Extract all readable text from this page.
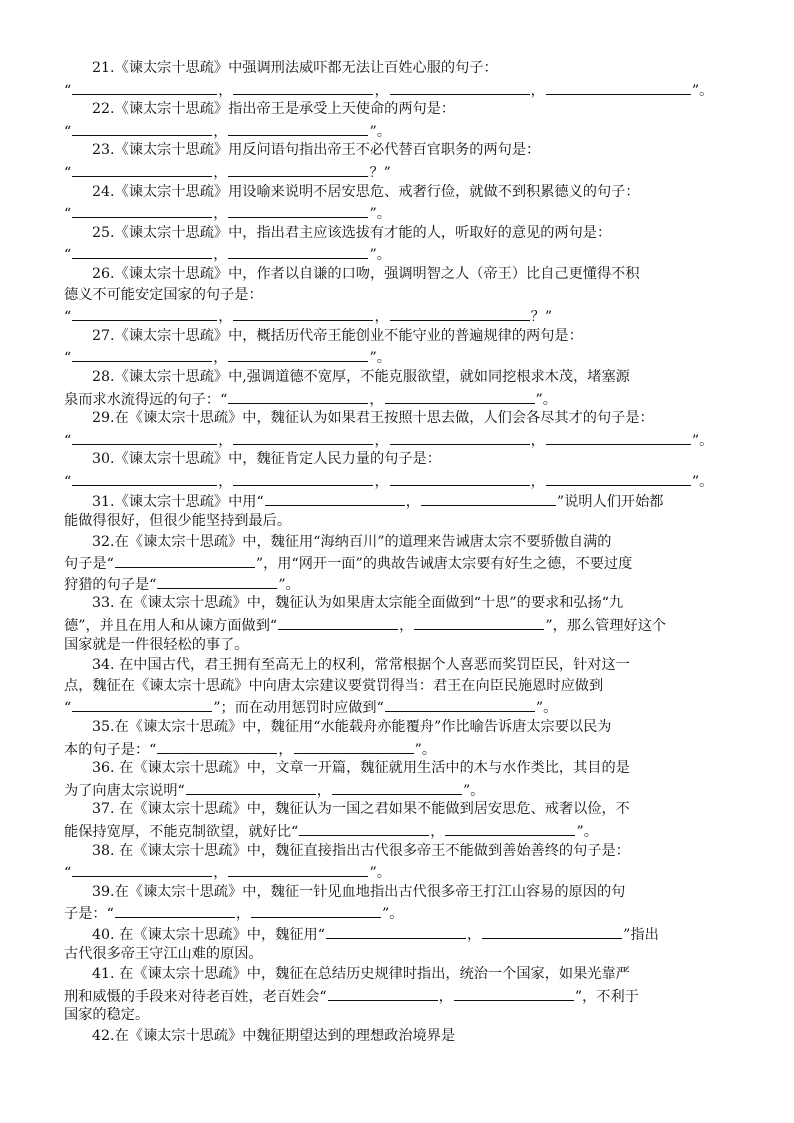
21.《谏太宗十思疏》中强调刑法威吓都无法让百姓心服的句子：
“	，	，	，	”。
22.《谏太宗十思疏》指出帝王是承受上天使命的两句是：
“	，	”。
23.《谏太宗十思疏》用反问语句指出帝王不必代替百官职务的两句是：
“	，	？”
24.《谏太宗十思疏》用设喻来说明不居安思危、戒奢行俭，就做不到积累德义的句子：
“	，	”。
25.《谏太宗十思疏》中，指出君主应该选拔有才能的人，听取好的意见的两句是：
“	，	”。
26.《谏太宗十思疏》中，作者以自谦的口吻，强调明智之人（帝王）比自己更懂得不积
德义不可能安定国家的句子是：
“	，	，	？”
27.《谏太宗十思疏》中，概括历代帝王能创业不能守业的普遍规律的两句是：
“	，	”。
28.《谏太宗十思疏》中,强调道德不宽厚，不能克服欲望，就如同挖根求木茂，堵塞源
泉而求水流得远的句子：“	，	”。
29.在《谏太宗十思疏》中，魏征认为如果君王按照十思去做，人们会各尽其才的句子是：
“	，	，	，	”。
30.《谏太宗十思疏》中，魏征肯定人民力量的句子是：
“	，	，	，	”。
31.《谏太宗十思疏》中用“	，	”说明人们开始都
能做得很好，但很少能坚持到最后。
32.在《谏太宗十思疏》中，魏征用“海纳百川”的道理来告诫唐太宗不要骄傲自满的
句子是“	”，用“网开一面”的典故告诫唐太宗要有好生之德，不要过度
狩猎的句子是“	”。
33. 在《谏太宗十思疏》中，魏征认为如果唐太宗能全面做到“十思”的要求和弘扬“九
德”，并且在用人和从谏方面做到“	，	”，那么管理好这个
国家就是一件很轻松的事了。
34. 在中国古代，君王拥有至高无上的权利，常常根据个人喜恶而奖罚臣民，针对这一
点，魏征在《谏太宗十思疏》中向唐太宗建议要赏罚得当：君王在向臣民施恩时应做到
“	”；而在动用惩罚时应做到“	”。
35.在《谏太宗十思疏》中，魏征用“水能载舟亦能覆舟”作比喻告诉唐太宗要以民为
本的句子是：“	，	”。
36. 在《谏太宗十思疏》中，文章一开篇，魏征就用生活中的木与水作类比，其目的是
为了向唐太宗说明“	，	”。
37. 在《谏太宗十思疏》中，魏征认为一国之君如果不能做到居安思危、戒奢以俭，不
能保持宽厚，不能克制欲望，就好比“	，	”。
38. 在《谏太宗十思疏》中，魏征直接指出古代很多帝王不能做到善始善终的句子是：
“	，	”。
39.在《谏太宗十思疏》中，魏征一针见血地指出古代很多帝王打江山容易的原因的句
子是：“	，	”。
40. 在《谏太宗十思疏》中，魏征用“	，	”指出
古代很多帝王守江山难的原因。
41. 在《谏太宗十思疏》中，魏征在总结历史规律时指出，统治一个国家，如果光靠严
刑和威慑的手段来对待老百姓，老百姓会“	，	”，不利于
国家的稳定。
42.在《谏太宗十思疏》中魏征期望达到的理想政治境界是
